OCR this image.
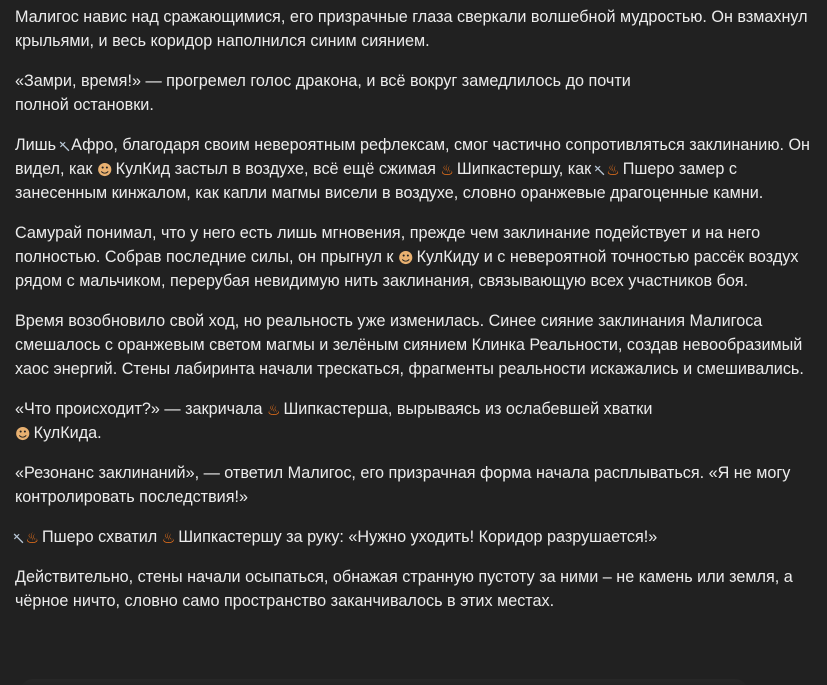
Малигос навис над сражающимися, его призрачные глаза сверкали волшебной мудростью. Он взмахнул крыльями, и весь коридор наполнился синим сиянием.

«Замри, время!» — прогремел голос дракона, и всё вокруг замедлилось до почти
полной остановки.

Лишь †Афро, благодаря своим невероятным рефлексам, смог частично сопротивляться заклинанию. Он видел, как ☻ КулКид застыл в воздухе, всё ещё сжимая ♨ Шипкастершу, как †♨ Пшеро замер с занесенным кинжалом, как капли магмы висели в воздухе, словно оранжевые драгоценные камни.

Самурай понимал, что у него есть лишь мгновения, прежде чем заклинание подействует и на него полностью. Собрав последние силы, он прыгнул к ☻ КулКиду и с невероятной точностью рассёк воздух рядом с мальчиком, перерубая невидимую нить заклинания, связывающую всех участников боя.

Время возобновило свой ход, но реальность уже изменилась. Синее сияние заклинания Малигоса смешалось с оранжевым светом магмы и зелёным сиянием Клинка Реальности, создав невообразимый хаос энергий. Стены лабиринта начали трескаться, фрагменты реальности искажались и смешивались.

«Что происходит?» — закричала ♨ Шипкастерша, вырываясь из ослабевшей хватки
☻ КулКида.

«Резонанс заклинаний», — ответил Малигос, его призрачная форма начала расплываться. «Я не могу контролировать последствия!»

†♨ Пшеро схватил ♨ Шипкастершу за руку: «Нужно уходить! Коридор разрушается!»

Действительно, стены начали осыпаться, обнажая странную пустоту за ними – не камень или земля, а чёрное ничто, словно само пространство заканчивалось в этих местах.
